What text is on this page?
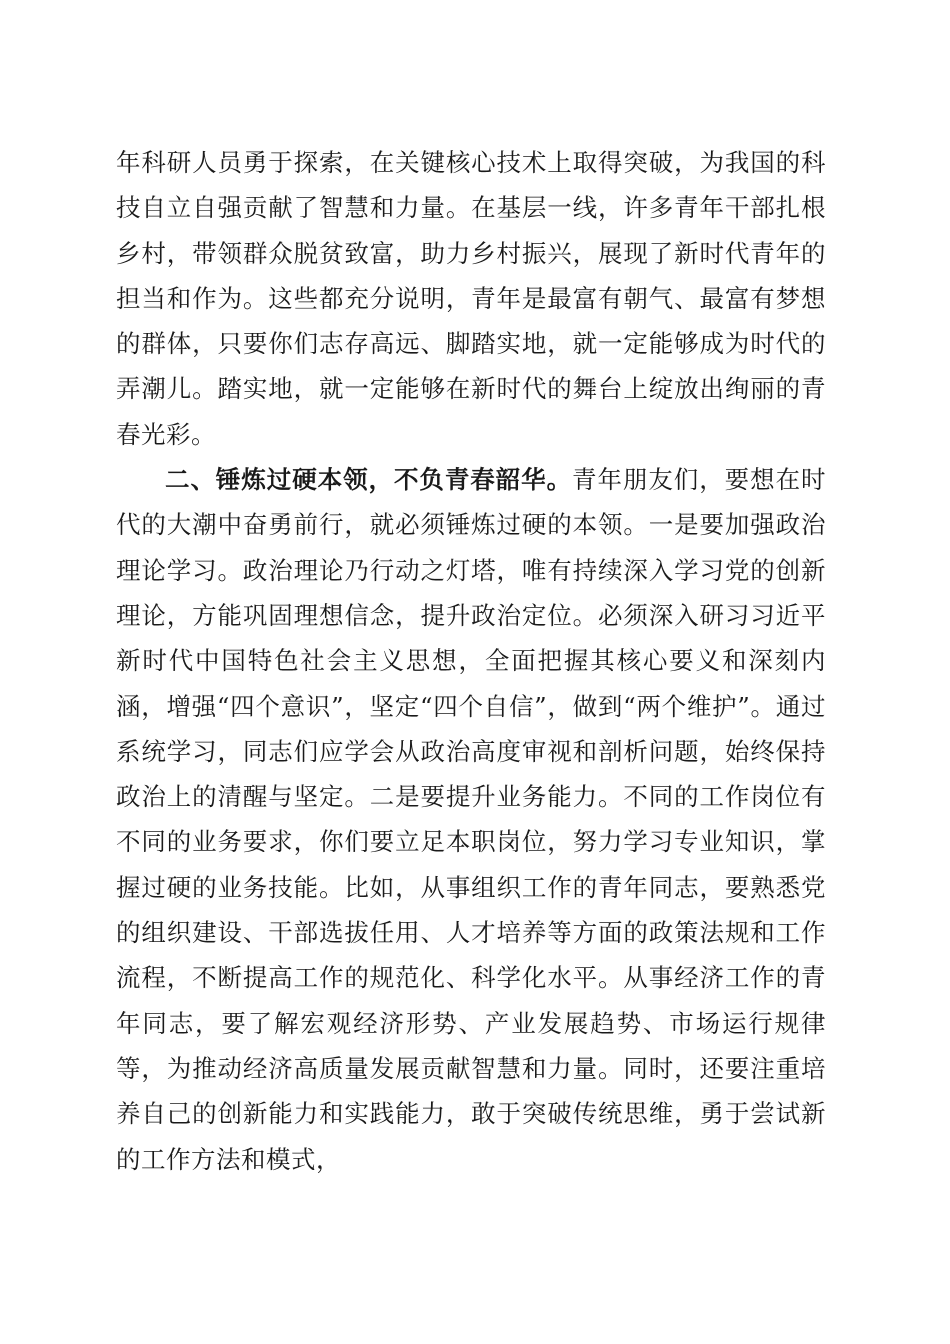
年科研人员勇于探索，在关键核心技术上取得突破，为我国的科技自立自强贡献了智慧和力量。在基层一线，许多青年干部扎根乡村，带领群众脱贫致富，助力乡村振兴，展现了新时代青年的担当和作为。这些都充分说明，青年是最富有朝气、最富有梦想的群体，只要你们志存高远、脚踏实地，就一定能够成为时代的弄潮儿。踏实地，就一定能够在新时代的舞台上绽放出绚丽的青春光彩。

二、锤炼过硬本领，不负青春韶华。青年朋友们，要想在时代的大潮中奋勇前行，就必须锤炼过硬的本领。一是要加强政治理论学习。政治理论乃行动之灯塔，唯有持续深入学习党的创新理论，方能巩固理想信念，提升政治定位。必须深入研习习近平新时代中国特色社会主义思想，全面把握其核心要义和深刻内涵，增强“四个意识”，坚定“四个自信”，做到“两个维护”。通过系统学习，同志们应学会从政治高度审视和剖析问题，始终保持政治上的清醒与坚定。二是要提升业务能力。不同的工作岗位有不同的业务要求，你们要立足本职岗位，努力学习专业知识，掌握过硬的业务技能。比如，从事组织工作的青年同志，要熟悉党的组织建设、干部选拔任用、人才培养等方面的政策法规和工作流程，不断提高工作的规范化、科学化水平。从事经济工作的青年同志，要了解宏观经济形势、产业发展趋势、市场运行规律等，为推动经济高质量发展贡献智慧和力量。同时，还要注重培养自己的创新能力和实践能力，敢于突破传统思维，勇于尝试新的工作方法和模式，
